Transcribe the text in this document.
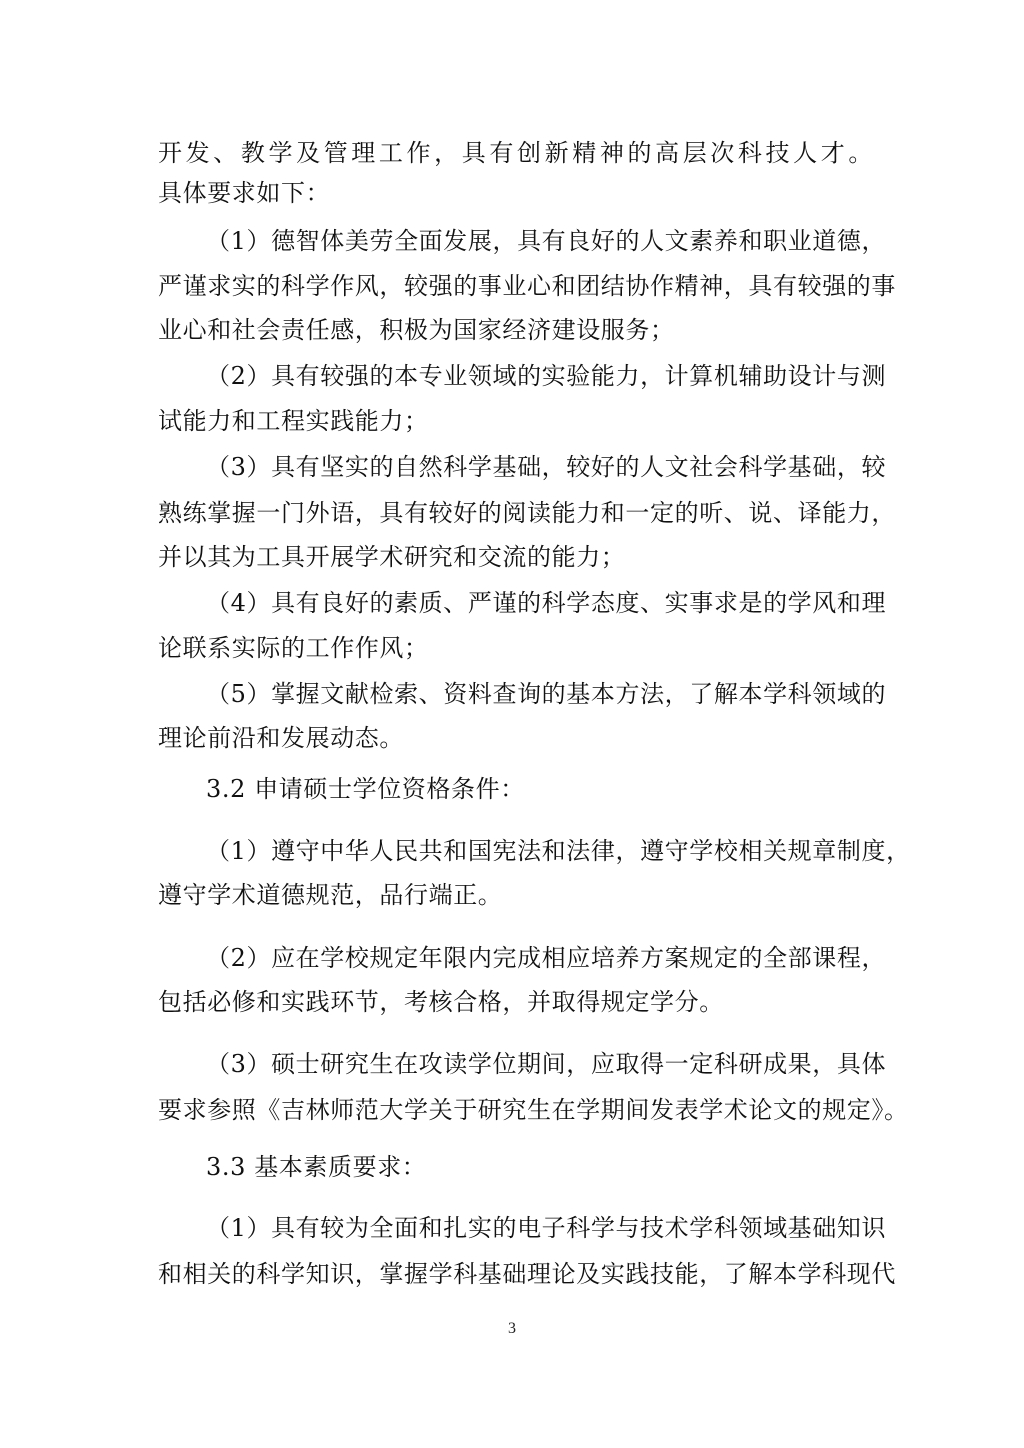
开发、教学及管理工作，具有创新精神的高层次科技人才。
具体要求如下：
（1）德智体美劳全面发展，具有良好的人文素养和职业道德，
严谨求实的科学作风，较强的事业心和团结协作精神，具有较强的事
业心和社会责任感，积极为国家经济建设服务；
（2）具有较强的本专业领域的实验能力，计算机辅助设计与测
试能力和工程实践能力；
（3）具有坚实的自然科学基础，较好的人文社会科学基础，较
熟练掌握一门外语，具有较好的阅读能力和一定的听、说、译能力，
并以其为工具开展学术研究和交流的能力；
（4）具有良好的素质、严谨的科学态度、实事求是的学风和理
论联系实际的工作作风；
（5）掌握文献检索、资料查询的基本方法，了解本学科领域的
理论前沿和发展动态。
3.2 申请硕士学位资格条件：
（1）遵守中华人民共和国宪法和法律，遵守学校相关规章制度，
遵守学术道德规范，品行端正。
（2）应在学校规定年限内完成相应培养方案规定的全部课程，
包括必修和实践环节，考核合格，并取得规定学分。
（3）硕士研究生在攻读学位期间，应取得一定科研成果，具体
要求参照《吉林师范大学关于研究生在学期间发表学术论文的规定》。
3.3 基本素质要求：
（1）具有较为全面和扎实的电子科学与技术学科领域基础知识
和相关的科学知识，掌握学科基础理论及实践技能，了解本学科现代
3
